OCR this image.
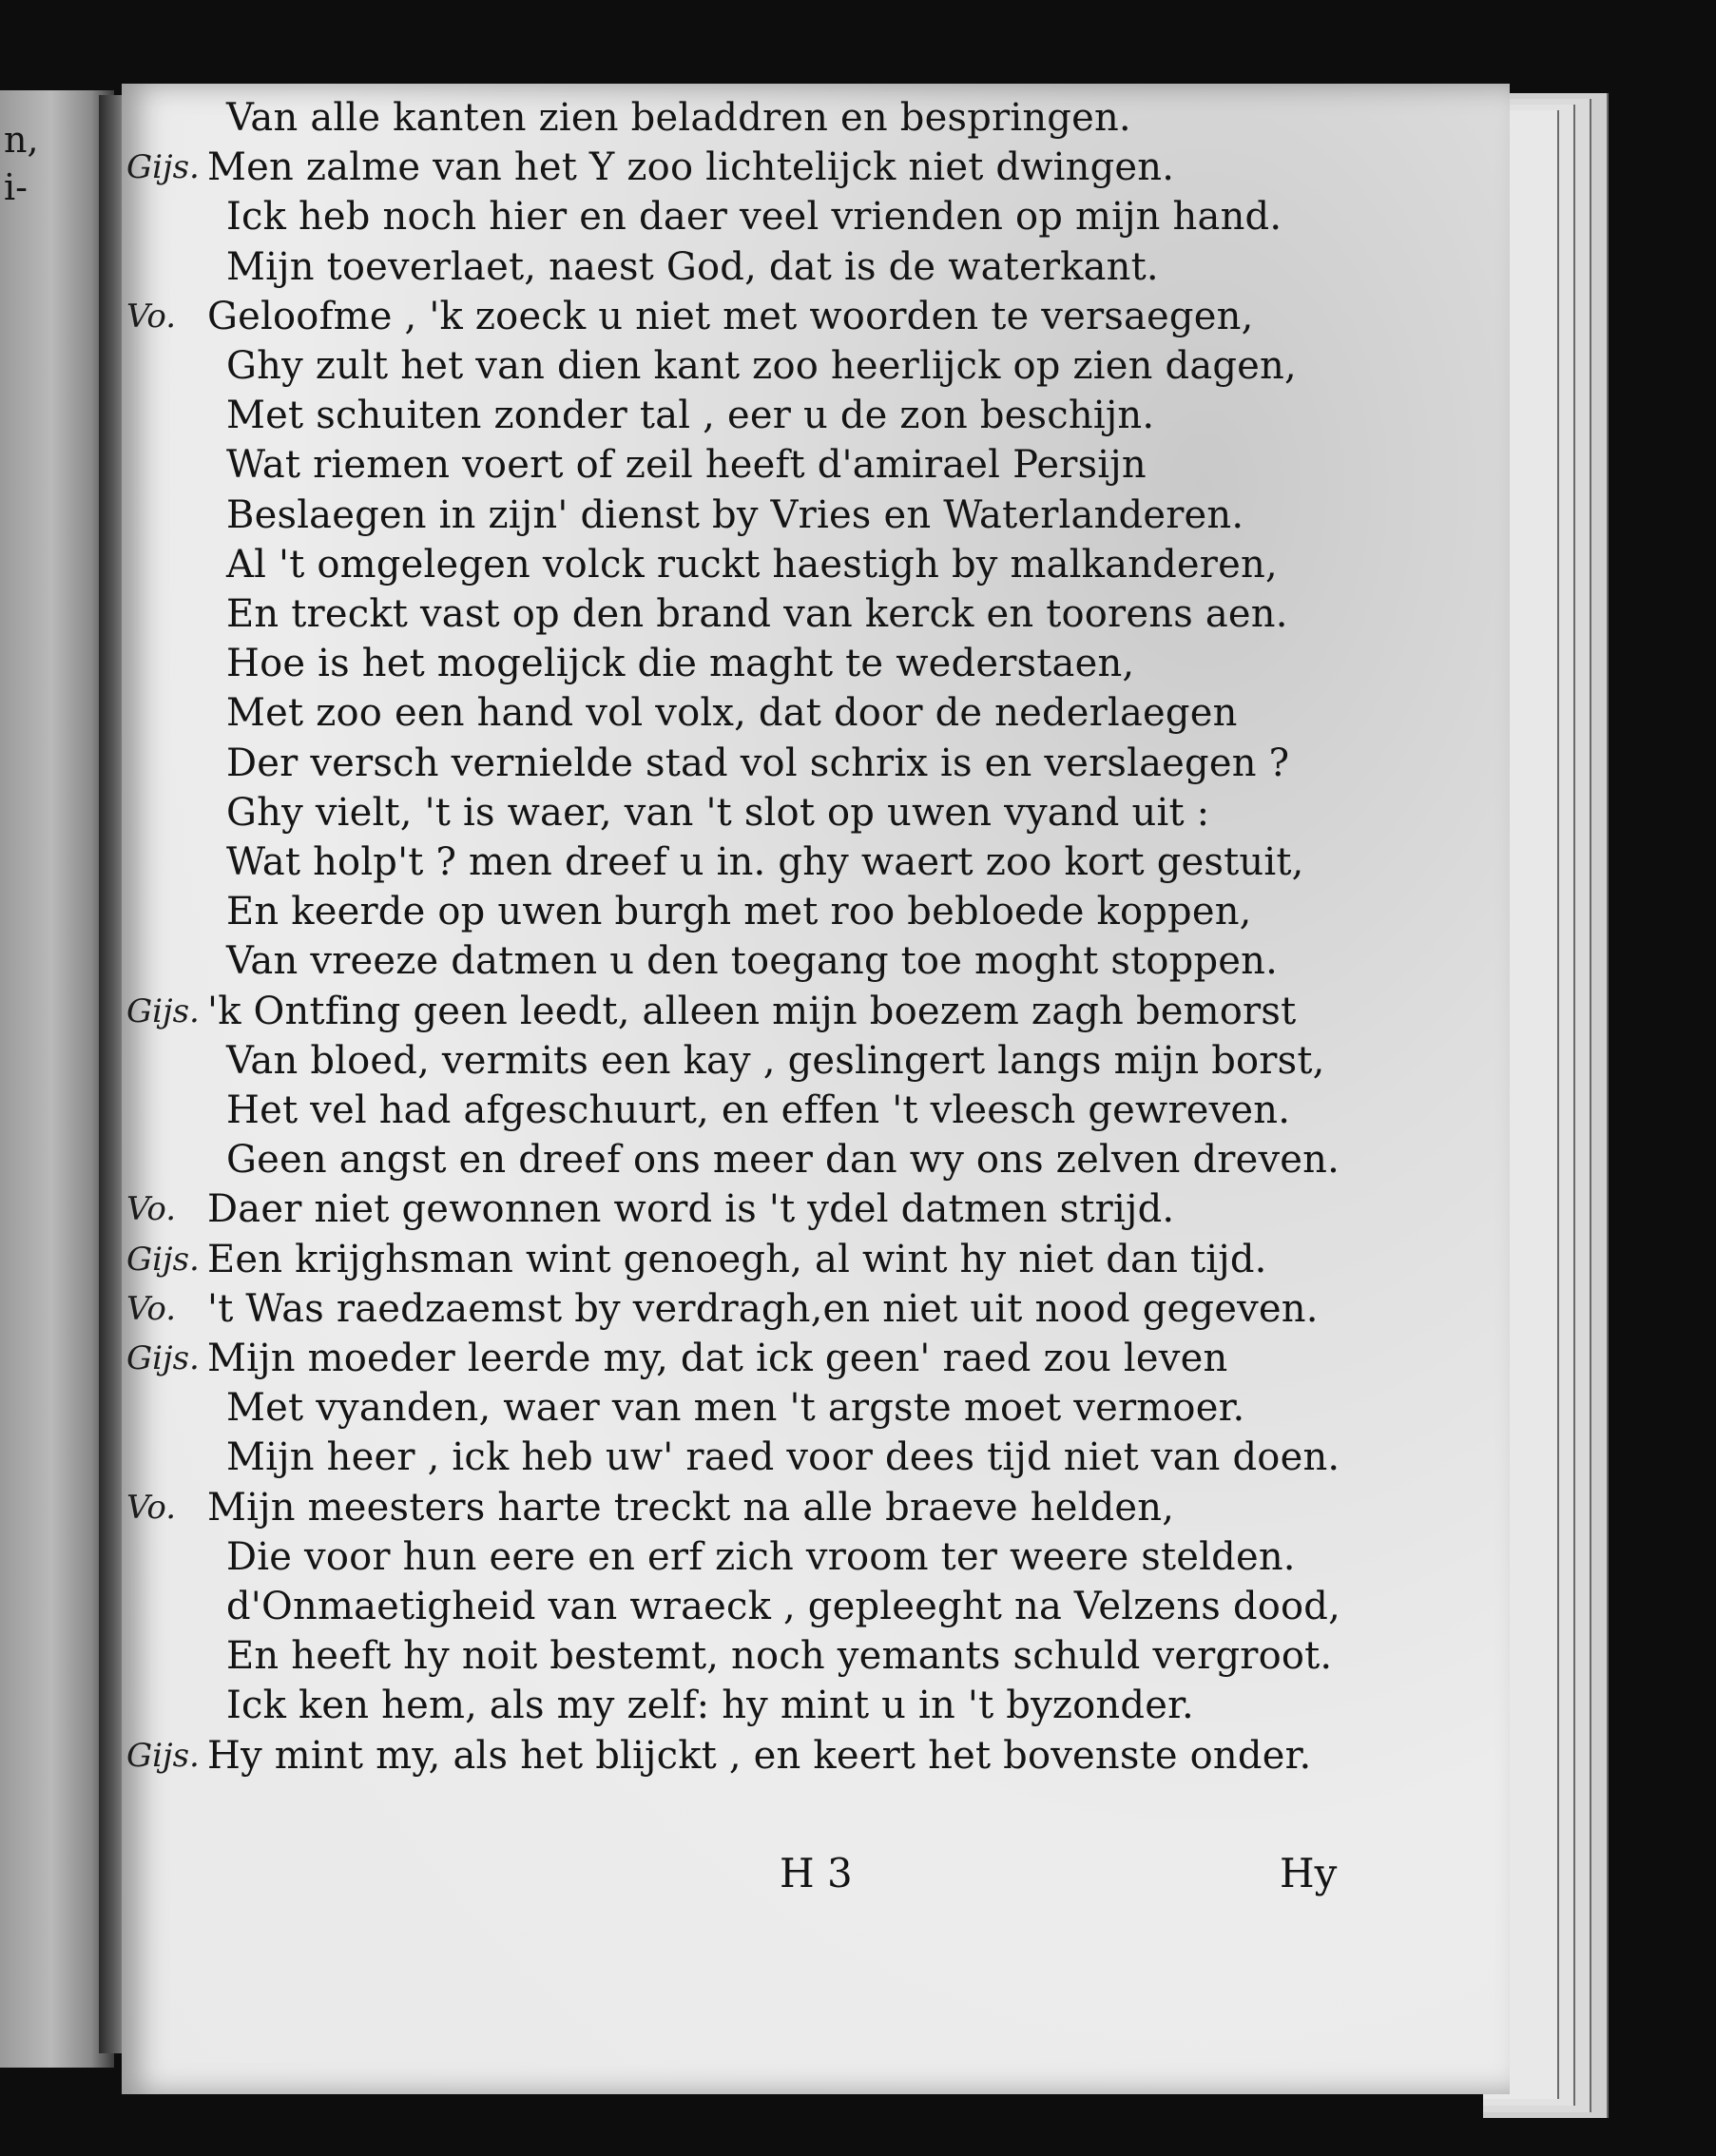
n,
i-
Van alle kanten zien beladdren en bespringen.
Gijs. Men zalme van het Y zoo lichtelijck niet dwingen.
Ick heb noch hier en daer veel vrienden op mijn hand.
Mijn toeverlaet, naest God, dat is de waterkant.
Vo. Geloofme , 'k zoeck u niet met woorden te versaegen,
Ghy zult het van dien kant zoo heerlijck op zien dagen,
Met schuiten zonder tal , eer u de zon beschijn.
Wat riemen voert of zeil heeft d'amirael Persijn
Beslaegen in zijn' dienst by Vries en Waterlanderen.
Al 't omgelegen volck ruckt haestigh by malkanderen,
En treckt vast op den brand van kerck en toorens aen.
Hoe is het mogelijck die maght te wederstaen,
Met zoo een hand vol volx, dat door de nederlaegen
Der versch vernielde stad vol schrix is en verslaegen ?
Ghy vielt, 't is waer, van 't slot op uwen vyand uit :
Wat holp't ? men dreef u in. ghy waert zoo kort gestuit,
En keerde op uwen burgh met roo bebloede koppen,
Van vreeze datmen u den toegang toe moght stoppen.
Gijs. 'k Ontfing geen leedt, alleen mijn boezem zagh bemorst
Van bloed, vermits een kay , geslingert langs mijn borst,
Het vel had afgeschuurt, en effen 't vleesch gewreven.
Geen angst en dreef ons meer dan wy ons zelven dreven.
Vo. Daer niet gewonnen word is 't ydel datmen strijd.
Gijs. Een krijghsman wint genoegh, al wint hy niet dan tijd.
Vo. 't Was raedzaemst by verdragh,en niet uit nood gegeven.
Gijs. Mijn moeder leerde my, dat ick geen' raed zou leven
Met vyanden, waer van men 't argste moet vermoer.
Mijn heer , ick heb uw' raed voor dees tijd niet van doen.
Vo. Mijn meesters harte treckt na alle braeve helden,
Die voor hun eere en erf zich vroom ter weere stelden.
d'Onmaetigheid van wraeck , gepleeght na Velzens dood,
En heeft hy noit bestemt, noch yemants schuld vergroot.
Ick ken hem, als my zelf: hy mint u in 't byzonder.
Gijs. Hy mint my, als het blijckt , en keert het bovenste onder.
H 3	Hy
